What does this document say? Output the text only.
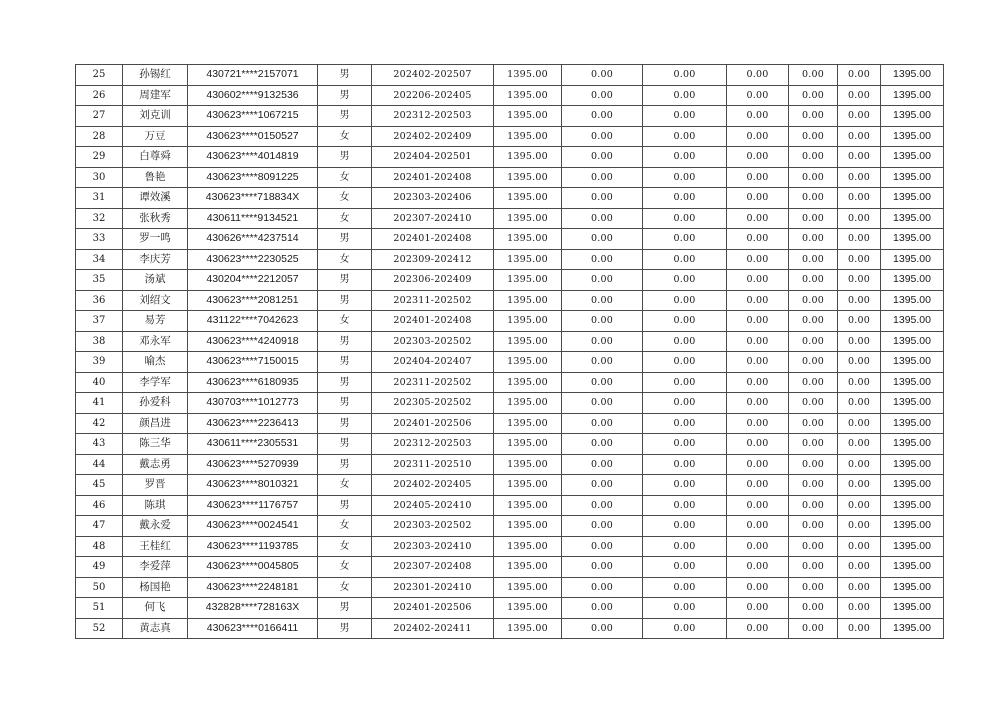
25	孙锡红	430721****2157071	男	202402-202507	1395.00	0.00	0.00	0.00	0.00	0.00	1395.00
26	周建军	430602****9132536	男	202206-202405	1395.00	0.00	0.00	0.00	0.00	0.00	1395.00
27	刘克训	430623****1067215	男	202312-202503	1395.00	0.00	0.00	0.00	0.00	0.00	1395.00
28	万豆	430623****0150527	女	202402-202409	1395.00	0.00	0.00	0.00	0.00	0.00	1395.00
29	白尊舜	430623****4014819	男	202404-202501	1395.00	0.00	0.00	0.00	0.00	0.00	1395.00
30	鲁艳	430623****8091225	女	202401-202408	1395.00	0.00	0.00	0.00	0.00	0.00	1395.00
31	谭效溪	430623****718834X	女	202303-202406	1395.00	0.00	0.00	0.00	0.00	0.00	1395.00
32	张秋秀	430611****9134521	女	202307-202410	1395.00	0.00	0.00	0.00	0.00	0.00	1395.00
33	罗一鸣	430626****4237514	男	202401-202408	1395.00	0.00	0.00	0.00	0.00	0.00	1395.00
34	李庆芳	430623****2230525	女	202309-202412	1395.00	0.00	0.00	0.00	0.00	0.00	1395.00
35	汤斌	430204****2212057	男	202306-202409	1395.00	0.00	0.00	0.00	0.00	0.00	1395.00
36	刘绍文	430623****2081251	男	202311-202502	1395.00	0.00	0.00	0.00	0.00	0.00	1395.00
37	易芳	431122****7042623	女	202401-202408	1395.00	0.00	0.00	0.00	0.00	0.00	1395.00
38	邓永军	430623****4240918	男	202303-202502	1395.00	0.00	0.00	0.00	0.00	0.00	1395.00
39	喻杰	430623****7150015	男	202404-202407	1395.00	0.00	0.00	0.00	0.00	0.00	1395.00
40	李学军	430623****6180935	男	202311-202502	1395.00	0.00	0.00	0.00	0.00	0.00	1395.00
41	孙爱科	430703****1012773	男	202305-202502	1395.00	0.00	0.00	0.00	0.00	0.00	1395.00
42	颜昌进	430623****2236413	男	202401-202506	1395.00	0.00	0.00	0.00	0.00	0.00	1395.00
43	陈三华	430611****2305531	男	202312-202503	1395.00	0.00	0.00	0.00	0.00	0.00	1395.00
44	戴志勇	430623****5270939	男	202311-202510	1395.00	0.00	0.00	0.00	0.00	0.00	1395.00
45	罗晋	430623****8010321	女	202402-202405	1395.00	0.00	0.00	0.00	0.00	0.00	1395.00
46	陈琪	430623****1176757	男	202405-202410	1395.00	0.00	0.00	0.00	0.00	0.00	1395.00
47	戴永爱	430623****0024541	女	202303-202502	1395.00	0.00	0.00	0.00	0.00	0.00	1395.00
48	王桂红	430623****1193785	女	202303-202410	1395.00	0.00	0.00	0.00	0.00	0.00	1395.00
49	李爱萍	430623****0045805	女	202307-202408	1395.00	0.00	0.00	0.00	0.00	0.00	1395.00
50	杨国艳	430623****2248181	女	202301-202410	1395.00	0.00	0.00	0.00	0.00	0.00	1395.00
51	何飞	432828****728163X	男	202401-202506	1395.00	0.00	0.00	0.00	0.00	0.00	1395.00
52	黄志真	430623****0166411	男	202402-202411	1395.00	0.00	0.00	0.00	0.00	0.00	1395.00
